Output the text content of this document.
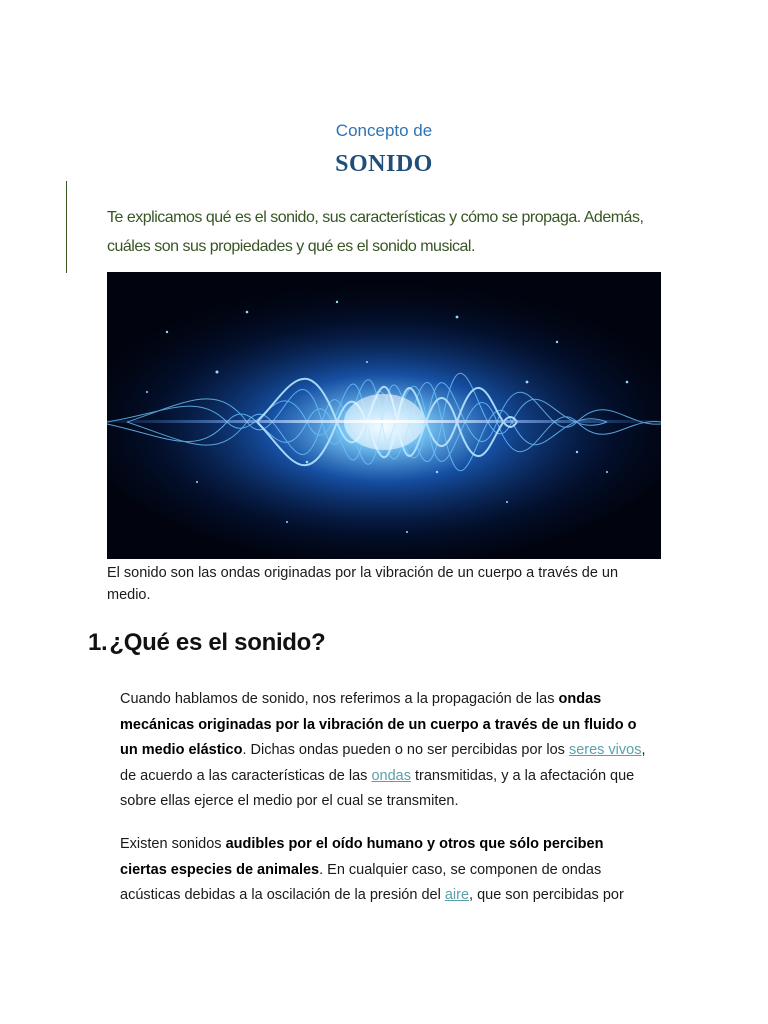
Concepto de
SONIDO
Te explicamos qué es el sonido, sus características y cómo se propaga. Además, cuáles son sus propiedades y qué es el sonido musical.
El sonido son las ondas originadas por la vibración de un cuerpo a través de un medio.
1.¿Qué es el sonido?
Cuando hablamos de sonido, nos referimos a la propagación de las ondas mecánicas originadas por la vibración de un cuerpo a través de un fluido o un medio elástico. Dichas ondas pueden o no ser percibidas por los seres vivos, de acuerdo a las características de las ondas transmitidas, y a la afectación que sobre ellas ejerce el medio por el cual se transmiten.
Existen sonidos audibles por el oído humano y otros que sólo perciben ciertas especies de animales. En cualquier caso, se componen de ondas acústicas debidas a la oscilación de la presión del aire, que son percibidas por
